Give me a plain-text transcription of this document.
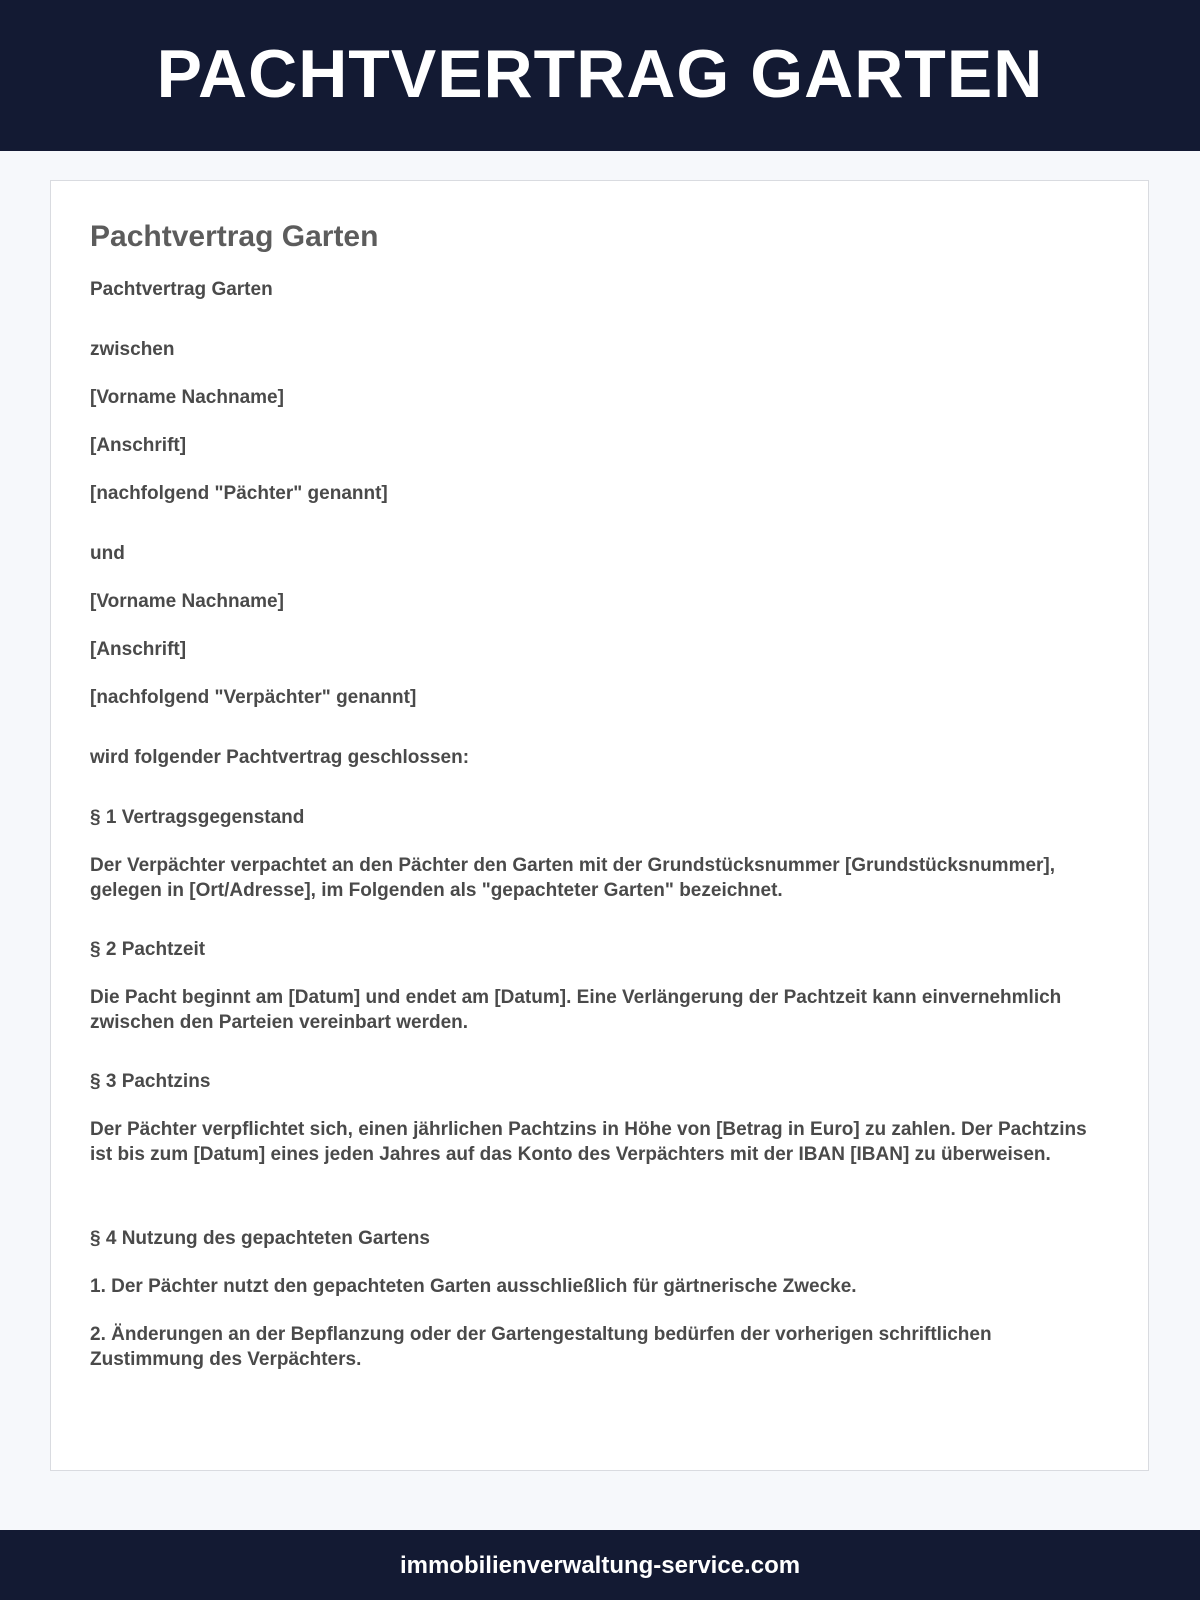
PACHTVERTRAG GARTEN
Pachtvertrag Garten

Pachtvertrag Garten

zwischen

[Vorname Nachname]

[Anschrift]

[nachfolgend "Pächter" genannt]

und

[Vorname Nachname]

[Anschrift]

[nachfolgend "Verpächter" genannt]

wird folgender Pachtvertrag geschlossen:

§ 1 Vertragsgegenstand

Der Verpächter verpachtet an den Pächter den Garten mit der Grundstücksnummer [Grundstücksnummer], gelegen in [Ort/Adresse], im Folgenden als "gepachteter Garten" bezeichnet.

§ 2 Pachtzeit

Die Pacht beginnt am [Datum] und endet am [Datum]. Eine Verlängerung der Pachtzeit kann einvernehmlich zwischen den Parteien vereinbart werden.

§ 3 Pachtzins

Der Pächter verpflichtet sich, einen jährlichen Pachtzins in Höhe von [Betrag in Euro] zu zahlen. Der Pachtzins ist bis zum [Datum] eines jeden Jahres auf das Konto des Verpächters mit der IBAN [IBAN] zu überweisen.

§ 4 Nutzung des gepachteten Gartens

1. Der Pächter nutzt den gepachteten Garten ausschließlich für gärtnerische Zwecke.

2. Änderungen an der Bepflanzung oder der Gartengestaltung bedürfen der vorherigen schriftlichen Zustimmung des Verpächters.

immobilienverwaltung-service.com
